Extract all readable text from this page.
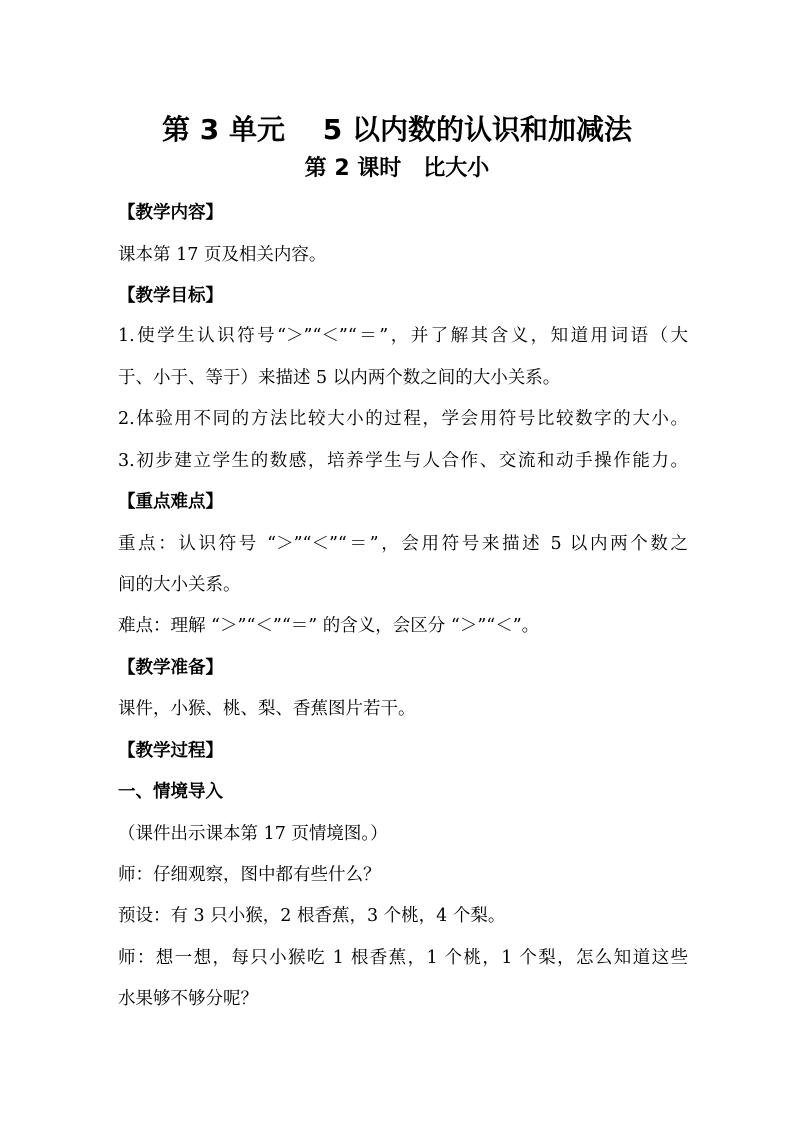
第 3 单元　 5 以内数的认识和加减法
第 2 课时　比大小
【教学内容】
课本第 17 页及相关内容。
【教学目标】
1.使学生认识符号“＞”“＜”“＝”，并了解其含义，知道用词语（大
于、小于、等于）来描述 5 以内两个数之间的大小关系。
2.体验用不同的方法比较大小的过程，学会用符号比较数字的大小。
3.初步建立学生的数感，培养学生与人合作、交流和动手操作能力。
【重点难点】
重点：认识符号 “＞”“＜”“＝”，会用符号来描述 5 以内两个数之
间的大小关系。
难点：理解 “＞”“＜”“＝” 的含义，会区分 “＞”“＜”。
【教学准备】
课件，小猴、桃、梨、香蕉图片若干。
【教学过程】
一、情境导入
（课件出示课本第 17 页情境图。）
师：仔细观察，图中都有些什么？
预设：有 3 只小猴，2 根香蕉，3 个桃，4 个梨。
师：想一想，每只小猴吃 1 根香蕉，1 个桃，1 个梨，怎么知道这些
水果够不够分呢？
